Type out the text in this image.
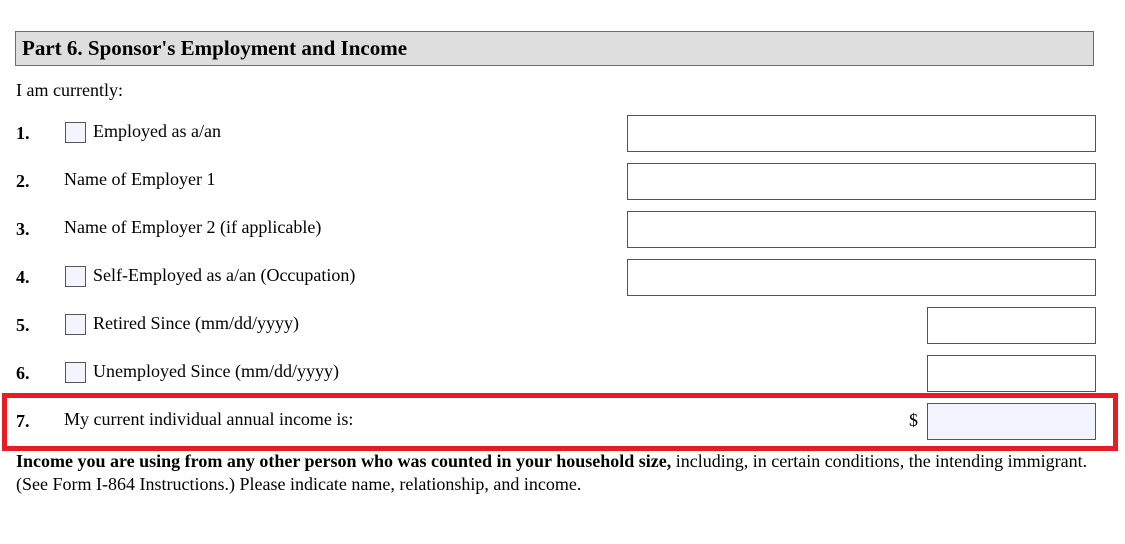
Part 6. Sponsor's Employment and Income
I am currently:
1.	Employed as a/an
2. Name of Employer 1
3. Name of Employer 2 (if applicable)
4.	Self-Employed as a/an (Occupation)
5.	Retired Since (mm/dd/yyyy)
6.	Unemployed Since (mm/dd/yyyy)
7. My current individual annual income is:	$
Income you are using from any other person who was counted in your household size, including, in certain conditions, the intending immigrant. (See Form I-864 Instructions.) Please indicate name, relationship, and income.
